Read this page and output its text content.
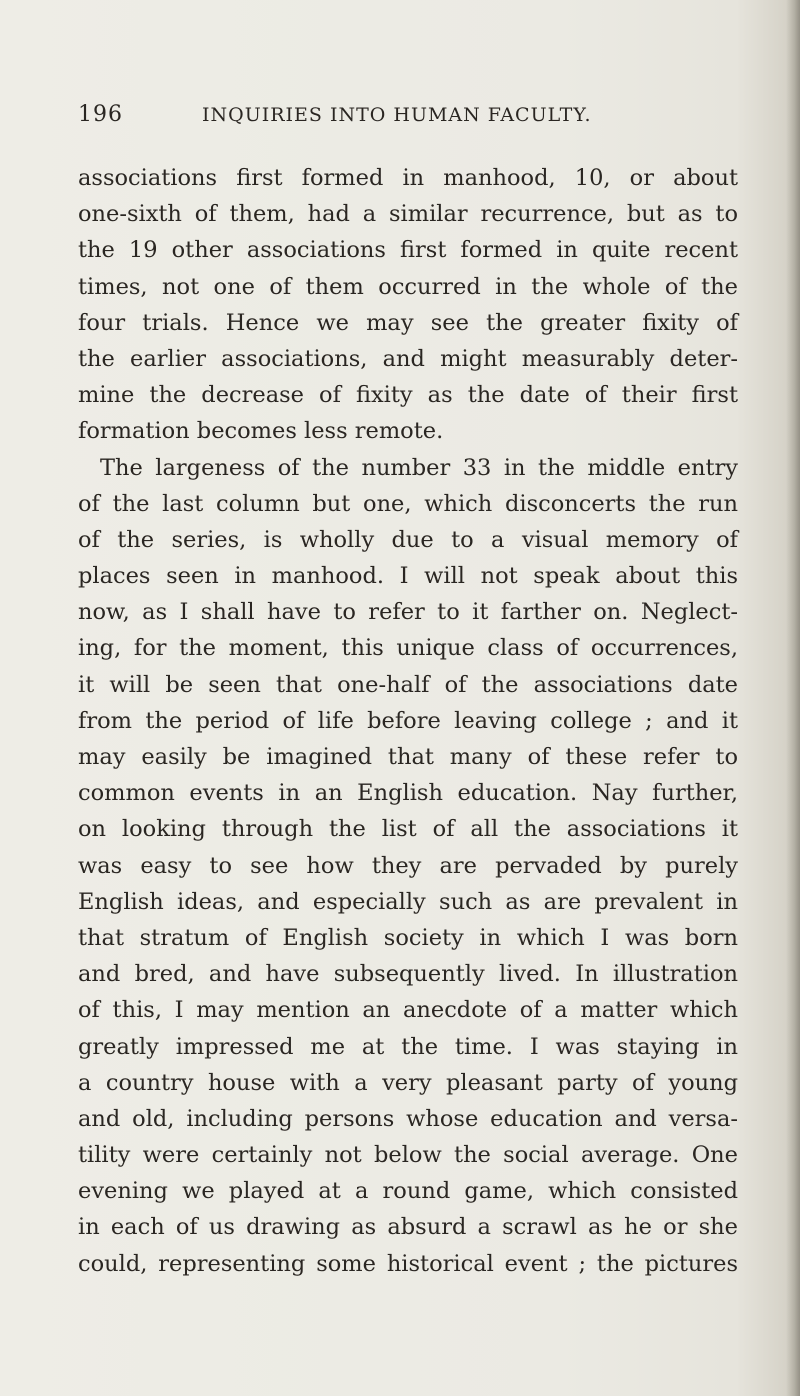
196	INQUIRIES INTO HUMAN FACULTY.
associations first formed in manhood, 10, or about
one-sixth of them, had a similar recurrence, but as to
the 19 other associations first formed in quite recent
times, not one of them occurred in the whole of the
four trials. Hence we may see the greater fixity of
the earlier associations, and might measurably deter-
mine the decrease of fixity as the date of their first
formation becomes less remote.
The largeness of the number 33 in the middle entry
of the last column but one, which disconcerts the run
of the series, is wholly due to a visual memory of
places seen in manhood. I will not speak about this
now, as I shall have to refer to it farther on. Neglect-
ing, for the moment, this unique class of occurrences,
it will be seen that one-half of the associations date
from the period of life before leaving college ; and it
may easily be imagined that many of these refer to
common events in an English education. Nay further,
on looking through the list of all the associations it
was easy to see how they are pervaded by purely
English ideas, and especially such as are prevalent in
that stratum of English society in which I was born
and bred, and have subsequently lived. In illustration
of this, I may mention an anecdote of a matter which
greatly impressed me at the time. I was staying in
a country house with a very pleasant party of young
and old, including persons whose education and versa-
tility were certainly not below the social average. One
evening we played at a round game, which consisted
in each of us drawing as absurd a scrawl as he or she
could, representing some historical event ; the pictures
